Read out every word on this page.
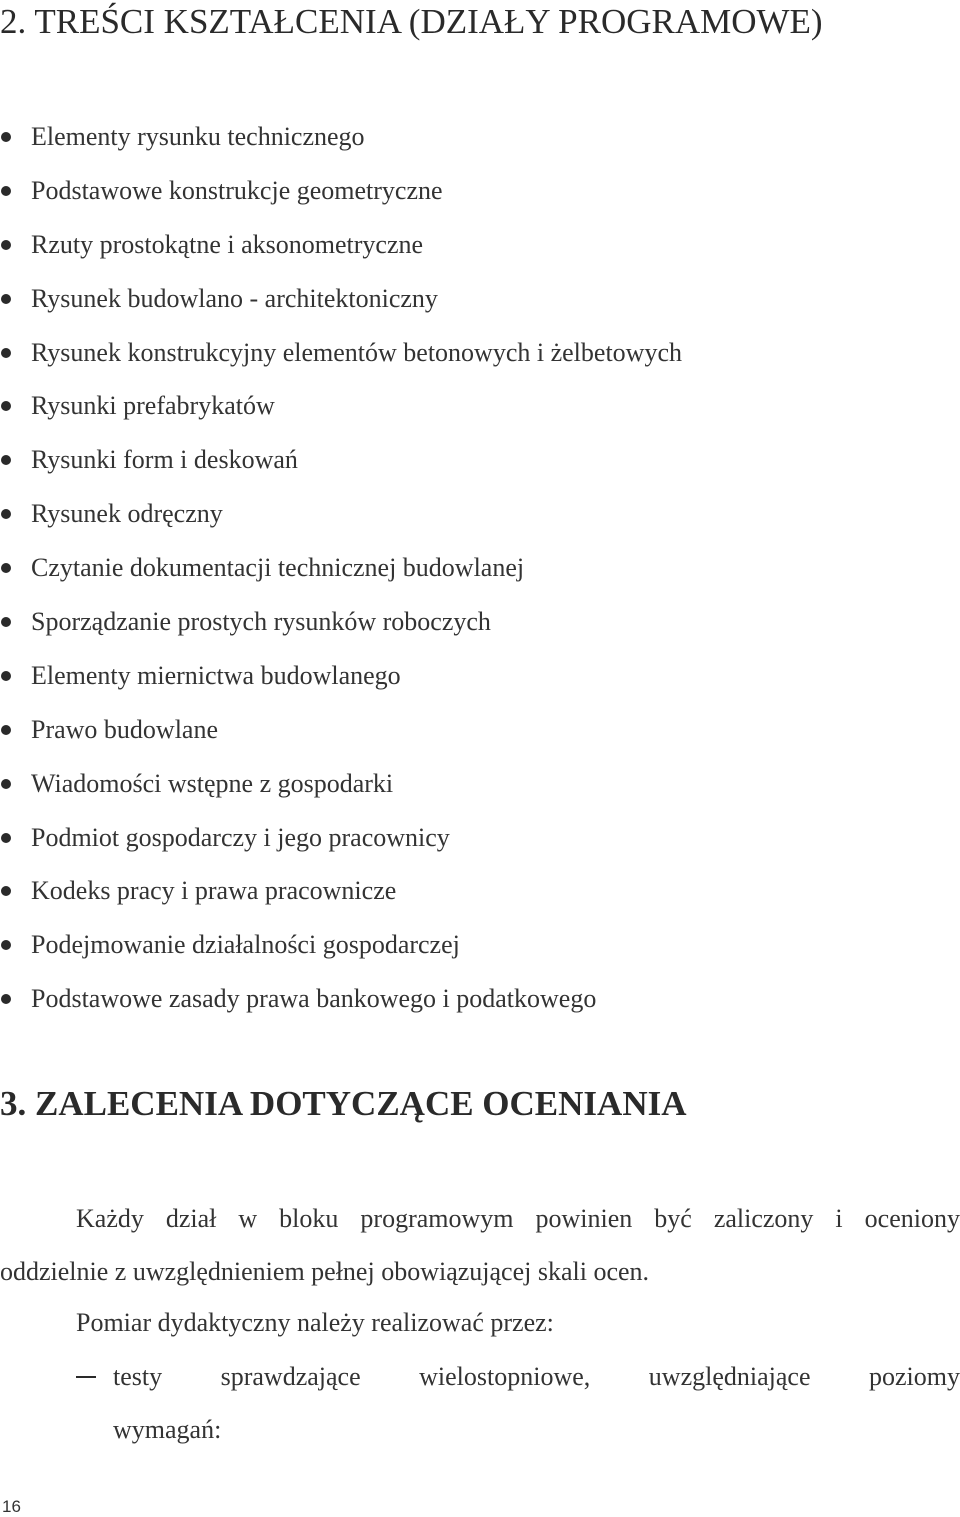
2. TREŚCI KSZTAŁCENIA (DZIAŁY PROGRAMOWE)
Elementy rysunku technicznego
Podstawowe konstrukcje geometryczne
Rzuty prostokątne i aksonometryczne
Rysunek budowlano - architektoniczny
Rysunek konstrukcyjny elementów betonowych i żelbetowych
Rysunki prefabrykatów
Rysunki form i deskowań
Rysunek odręczny
Czytanie dokumentacji technicznej budowlanej
Sporządzanie prostych rysunków roboczych
Elementy miernictwa budowlanego
Prawo budowlane
Wiadomości wstępne z gospodarki
Podmiot gospodarczy i jego pracownicy
Kodeks pracy i prawa pracownicze
Podejmowanie działalności gospodarczej
Podstawowe zasady prawa bankowego i podatkowego
3. ZALECENIA DOTYCZĄCE OCENIANIA
Każdy dział w bloku programowym powinien być zaliczony i oceniony
oddzielnie z uwzględnieniem pełnej obowiązującej skali ocen.
Pomiar dydaktyczny należy realizować przez:
testy sprawdzające wielostopniowe, uwzględniające poziomy
wymagań:
16
